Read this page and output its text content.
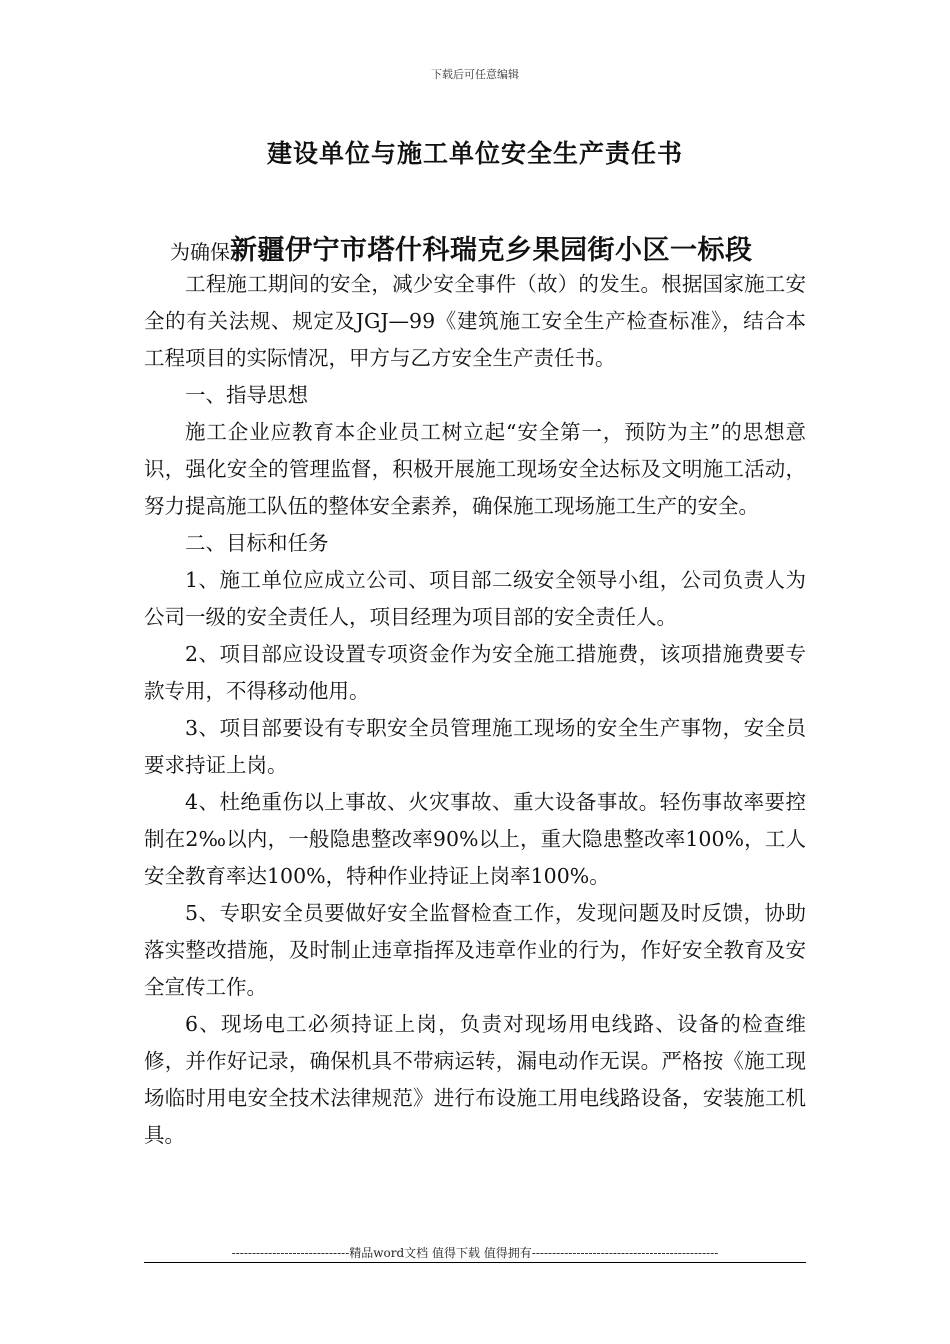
下载后可任意编辑
建设单位与施工单位安全生产责任书
为确保新疆伊宁市塔什科瑞克乡果园街小区一标段

工程施工期间的安全，减少安全事件（故）的发生。根据国家施工安全的有关法规、规定及JGJ—99《建筑施工安全生产检查标准》，结合本工程项目的实际情况，甲方与乙方安全生产责任书。

一、指导思想

施工企业应教育本企业员工树立起“安全第一，预防为主”的思想意识，强化安全的管理监督，积极开展施工现场安全达标及文明施工活动，努力提高施工队伍的整体安全素养，确保施工现场施工生产的安全。

二、目标和任务

1、施工单位应成立公司、项目部二级安全领导小组，公司负责人为公司一级的安全责任人，项目经理为项目部的安全责任人。

2、项目部应设设置专项资金作为安全施工措施费，该项措施费要专款专用，不得移动他用。

3、项目部要设有专职安全员管理施工现场的安全生产事物，安全员要求持证上岗。

4、杜绝重伤以上事故、火灾事故、重大设备事故。轻伤事故率要控制在2‰以内，一般隐患整改率90%以上，重大隐患整改率100%，工人安全教育率达100%，特种作业持证上岗率100%。

5、专职安全员要做好安全监督检查工作，发现问题及时反馈，协助落实整改措施，及时制止违章指挥及违章作业的行为，作好安全教育及安全宣传工作。

6、现场电工必须持证上岗，负责对现场用电线路、设备的检查维修，并作好记录，确保机具不带病运转，漏电动作无误。严格按《施工现场临时用电安全技术法律规范》进行布设施工用电线路设备，安装施工机具。

-----------------------------精品word文档 值得下载 值得拥有----------------------------------------------
